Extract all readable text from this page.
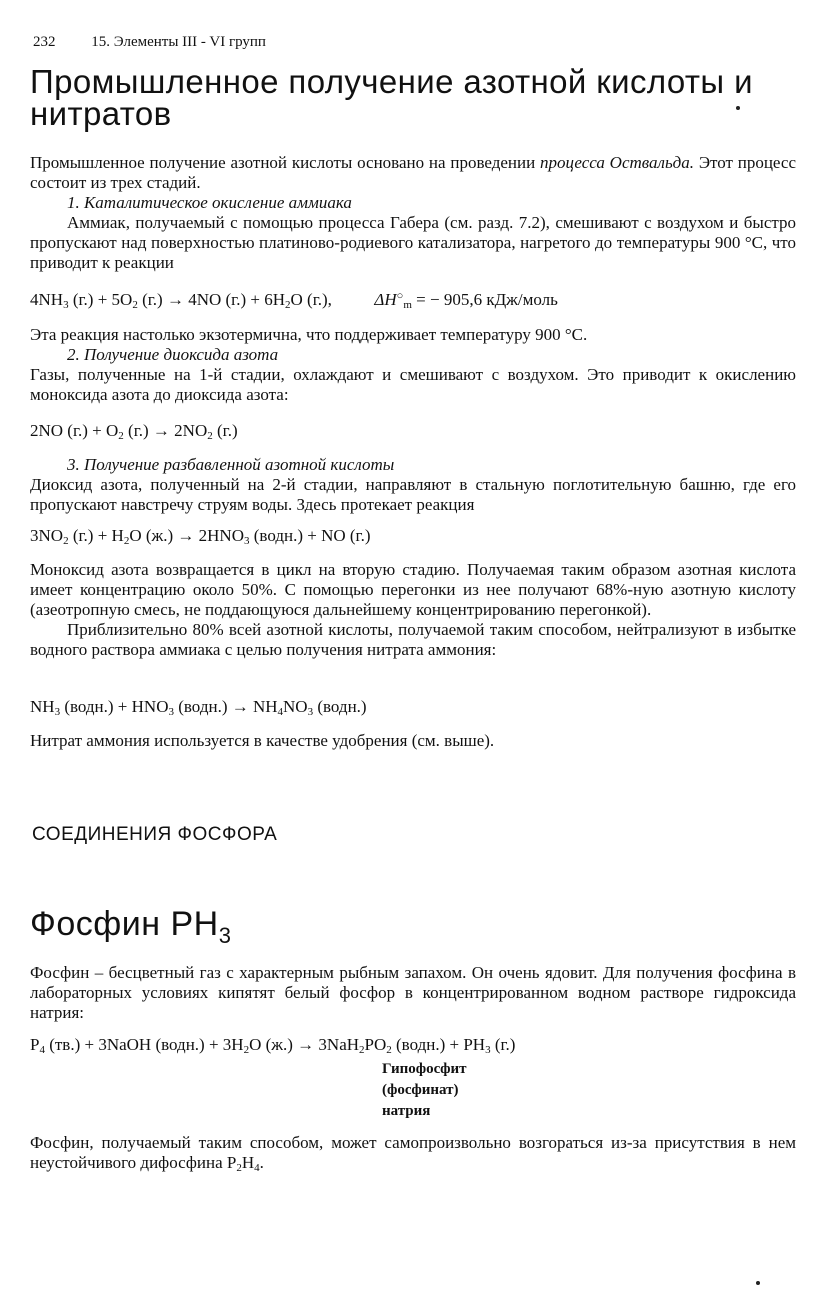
232 15. Элементы III - VI групп
Промышленное получение азотной кислоты и нитратов

Промышленное получение азотной кислоты основано на проведении процесса Оствальда. Этот процесс состоит из трех стадий.

1. Каталитическое окисление аммиака

Аммиак, получаемый с помощью процесса Габера (см. разд. 7.2), смешивают с воздухом и быстро пропускают над поверхностью платиново-родиевого катализатора, нагретого до температуры 900 °C, что приводит к реакции

$4NH_3$ $(г.) + 5O_2$ (г.) → 4NO $(г.) + 6H_2O$ (г.),  $\Delta H^○_m$ = − 905,6 кДж/моль

Эта реакция настолько экзотермична, что поддерживает температуру 900 °C.

2. Получение диоксида азота

Газы, полученные на 1-й стадии, охлаждают и смешивают с воздухом. Это приводит к окислению моноксида азота до диоксида азота:

2NO $(г.) + O_2$ $(г.) \to 2NO_2$ (г.)

3. Получение разбавленной азотной кислоты

Диоксид азота, полученный на 2-й стадии, направляют в стальную поглотительную башню, где его пропускают навстречу струям воды. Здесь протекает реакция

$3NO_2$ $(г.) + H_2O$ $(ж.) \to 2HNO_3$ (водн.) + NO (г.)

Моноксид азота возвращается в цикл на вторую стадию. Получаемая таким образом азотная кислота имеет концентрацию около 50%. С помощью перегонки из нее получают 68%-ную азотную кислоту (азеотропную смесь, не поддающуюся дальнейшему концентрированию перегонкой).

Приблизительно 80% всей азотной кислоты, получаемой таким способом, нейтрализуют в избытке водного раствора аммиака с целью получения нитрата аммония:

$NH_3$ (водн.) + $HNO_3$ (водн.) → $NH_4NO_3$ (водн.)
Нитрат аммония используется в качестве удобрения (см. выше).
СОЕДИНЕНИЯ ФОСФОРА
Фосфин $PH_3$
Фосфин – бесцветный газ с характерным рыбным запахом. Он очень ядовит. Для получения фосфина в лабораторных условиях кипятят белый фосфор в концентрированном водном растворе гидроксида натрия:
$P_4$ (тв.) + 3NaOH (водн.) + $3H_2O$ $(ж.) \to 3NaH_2PO_2$ (водн.) + $PH_3$ (г.)
Гипофосфит
(фосфинат)
натрия
Фосфин, получаемый таким способом, может самопроизвольно возгораться из-за присутствия в нем неустойчивого дифосфина $P_2H_4$.
